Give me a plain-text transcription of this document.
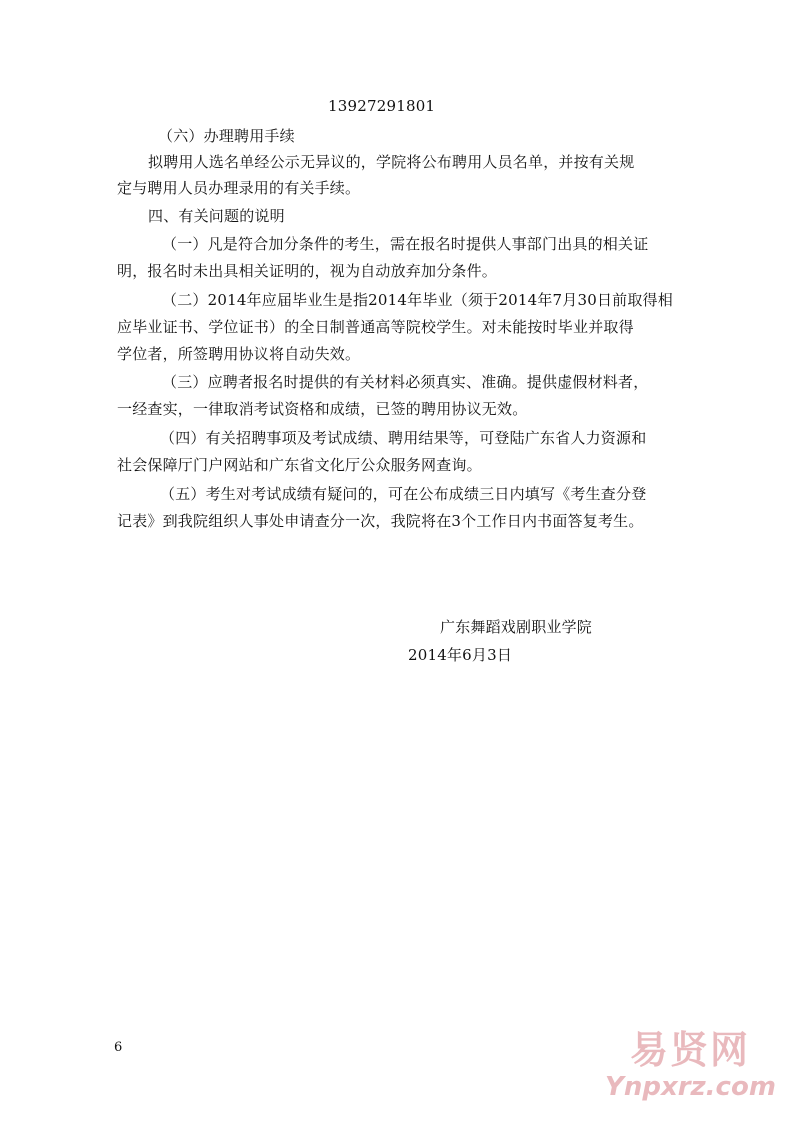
13927291801
（六）办理聘用手续
拟聘用人选名单经公示无异议的，学院将公布聘用人员名单，并按有关规
定与聘用人员办理录用的有关手续。
四、有关问题的说明
（一）凡是符合加分条件的考生，需在报名时提供人事部门出具的相关证
明，报名时未出具相关证明的，视为自动放弃加分条件。
（二）2014年应届毕业生是指2014年毕业（须于2014年7月30日前取得相
应毕业证书、学位证书）的全日制普通高等院校学生。对未能按时毕业并取得
学位者，所签聘用协议将自动失效。
（三）应聘者报名时提供的有关材料必须真实、准确。提供虚假材料者，
一经查实，一律取消考试资格和成绩，已签的聘用协议无效。
（四）有关招聘事项及考试成绩、聘用结果等，可登陆广东省人力资源和
社会保障厅门户网站和广东省文化厅公众服务网查询。
（五）考生对考试成绩有疑问的，可在公布成绩三日内填写《考生查分登
记表》到我院组织人事处申请查分一次，我院将在3个工作日内书面答复考生。
广东舞蹈戏剧职业学院
2014年6月3日
6	易贤网
Ynpxrz.com
